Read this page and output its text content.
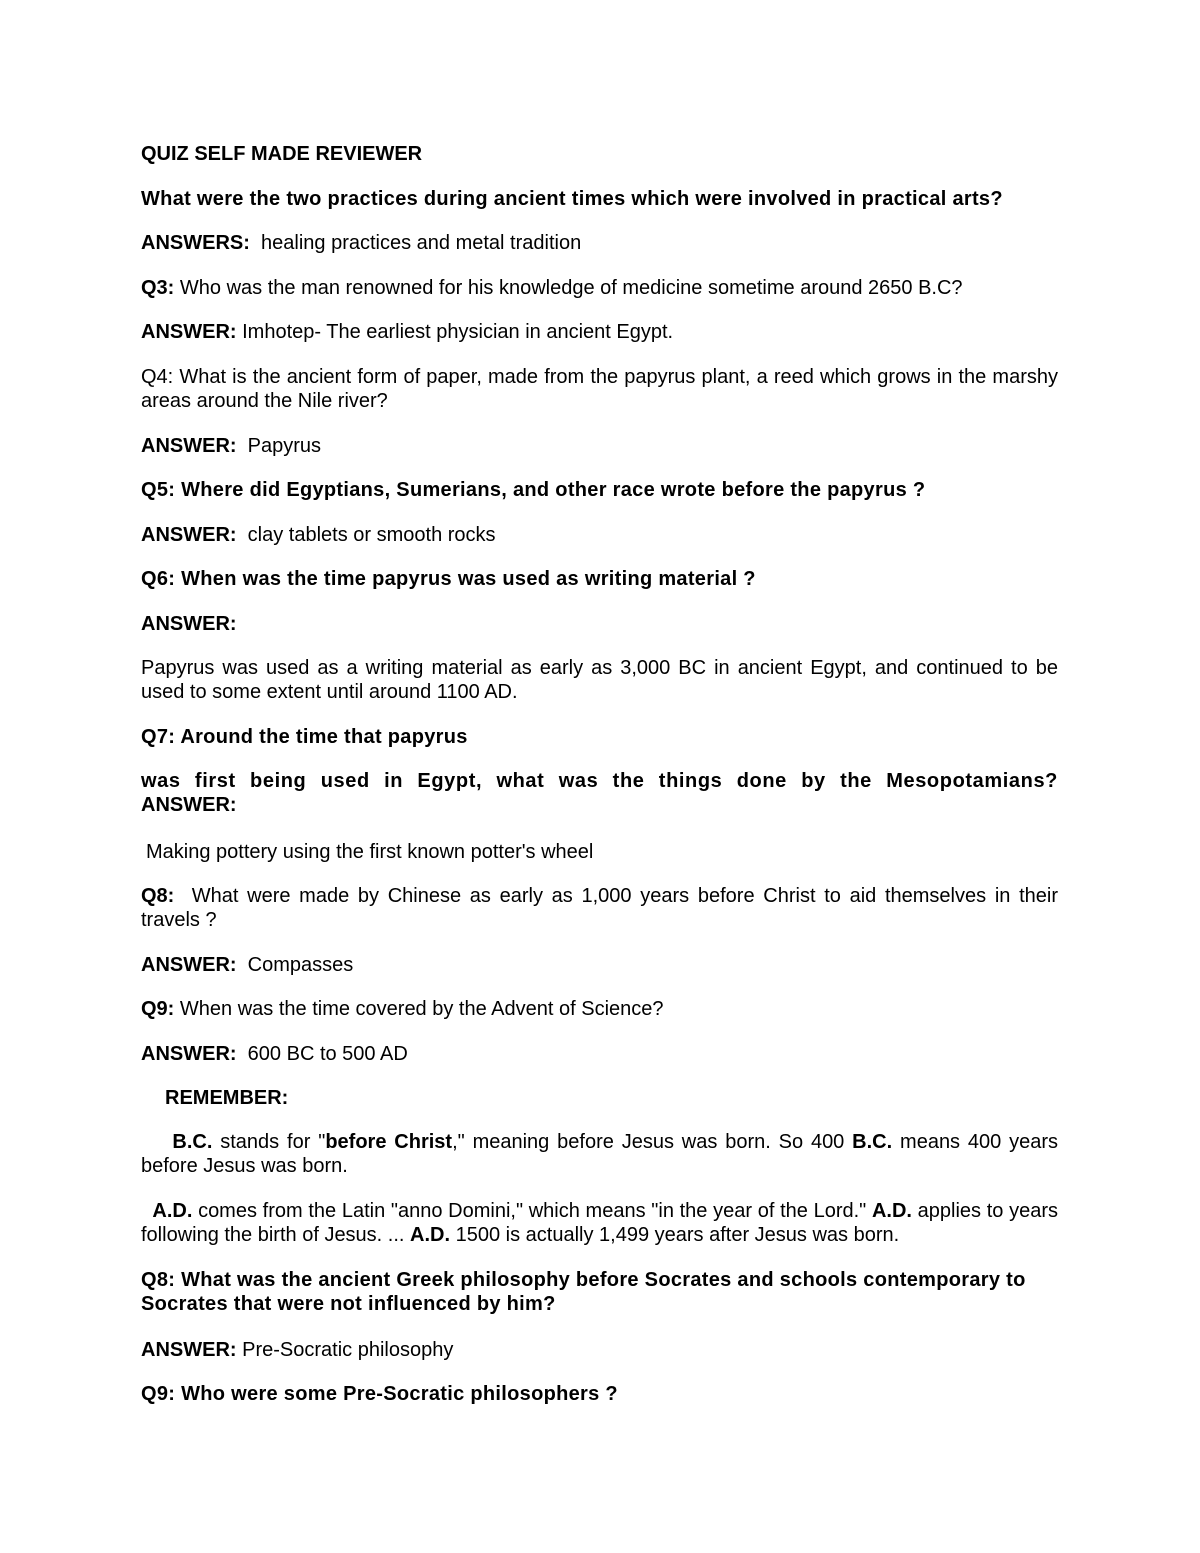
QUIZ SELF MADE REVIEWER

What were the two practices during ancient times which were involved in practical arts?

ANSWERS: healing practices and metal tradition

Q3: Who was the man renowned for his knowledge of medicine sometime around 2650 B.C?

ANSWER: Imhotep- The earliest physician in ancient Egypt.

Q4: What is the ancient form of paper, made from the papyrus plant, a reed which grows in the marshy areas around the Nile river?

ANSWER: Papyrus

Q5: Where did Egyptians, Sumerians, and other race wrote before the papyrus ?

ANSWER: clay tablets or smooth rocks

Q6: When was the time papyrus was used as writing material ?

ANSWER:

Papyrus was used as a writing material as early as 3,000 BC in ancient Egypt, and continued to be used to some extent until around 1100 AD.

Q7: Around the time that papyrus

was first being used in Egypt, what was the things done by the Mesopotamians?

ANSWER:

Making pottery using the first known potter's wheel

Q8: What were made by Chinese as early as 1,000 years before Christ to aid themselves in their travels ?

ANSWER: Compasses

Q9: When was the time covered by the Advent of Science?

ANSWER: 600 BC to 500 AD

REMEMBER:

B.C. stands for "before Christ," meaning before Jesus was born. So 400 B.C. means 400 years before Jesus was born.

A.D. comes from the Latin "anno Domini," which means "in the year of the Lord." A.D. applies to years following the birth of Jesus. ... A.D. 1500 is actually 1,499 years after Jesus was born.

Q8: What was the ancient Greek philosophy before Socrates and schools contemporary to Socrates that were not influenced by him?

ANSWER: Pre-Socratic philosophy

Q9: Who were some Pre-Socratic philosophers ?
